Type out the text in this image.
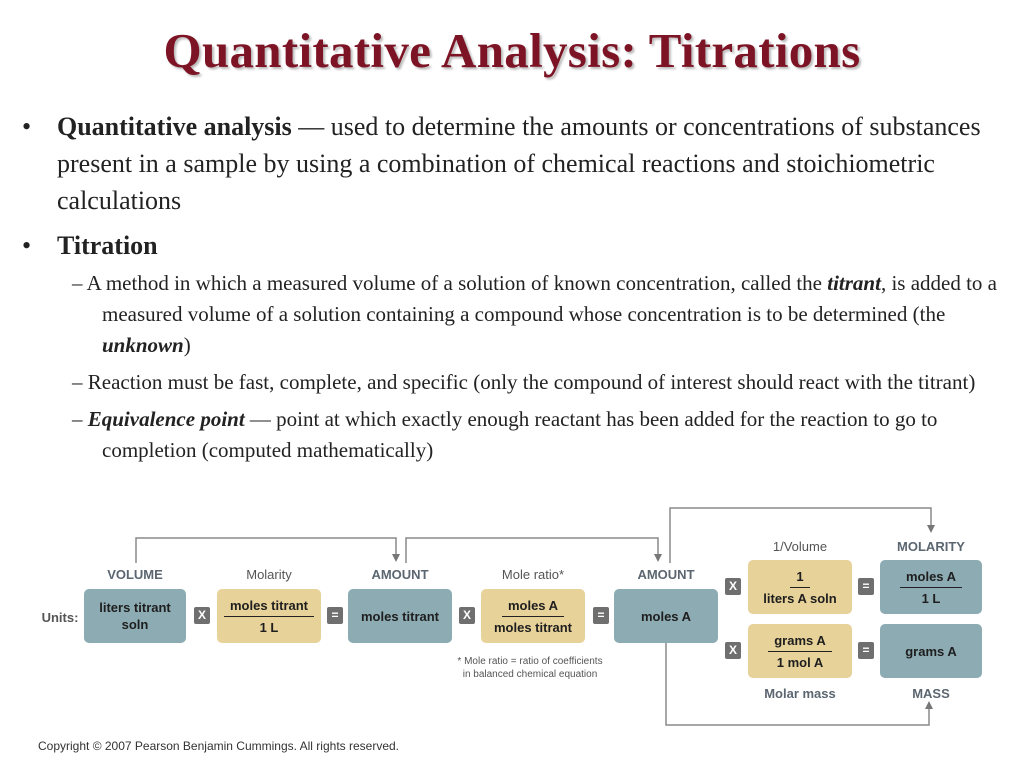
Quantitative Analysis: Titrations
• Quantitative analysis — used to determine the amounts or concentrations of substances present in a sample by using a combination of chemical reactions and stoichiometric calculations
• Titration
– A method in which a measured volume of a solution of known concentration, called the titrant, is added to a measured volume of a solution containing a compound whose concentration is to be determined (the unknown)
– Reaction must be fast, complete, and specific (only the compound of interest should react with the titrant)
– Equivalence point — point at which exactly enough reactant has been added for the reaction to go to completion (computed mathematically)
Units:
VOLUME
liters titrant
soln
X
Molarity
moles titrant
1 L
=
AMOUNT
moles titrant	X
Mole ratio*
moles A
moles titrant
=
AMOUNT
moles A
* Mole ratio = ratio of coefficients
in balanced chemical equation
X
1/Volume
1
liters A soln
=
MOLARITY
moles A
1 L
X
grams A
1 mol A
Molar mass
=	grams A
MASS
Copyright © 2007 Pearson Benjamin Cummings. All rights reserved.
